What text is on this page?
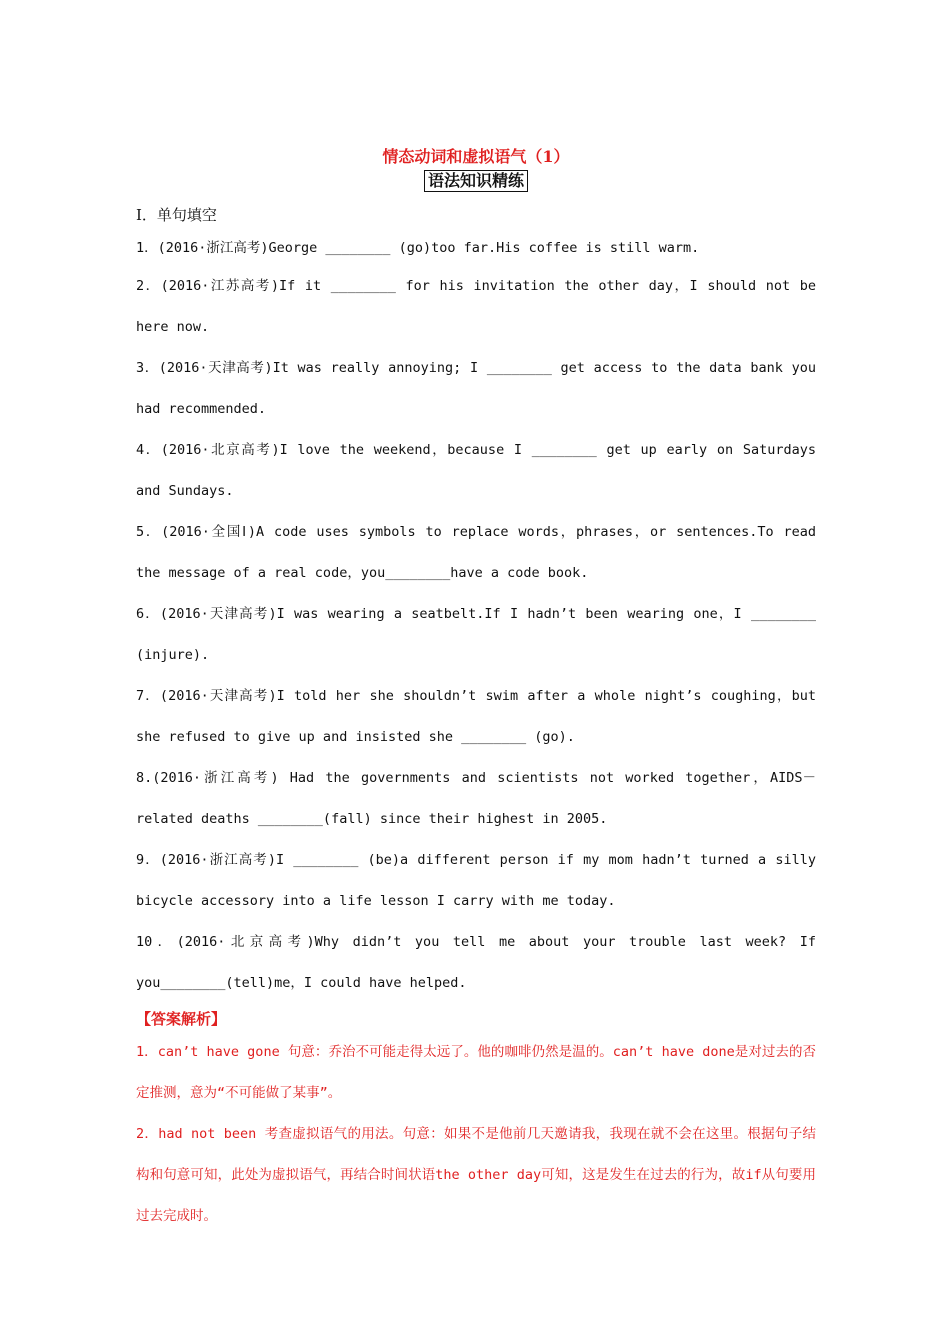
情态动词和虚拟语气（1）
语法知识精练
I．单句填空

1．(2016·浙江高考)George ________ (go)too far.His coffee is still warm.

2．(2016·江苏高考)If it ________ for his invitation the other day，I should not be here now.

3．(2016·天津高考)It was really annoying; I ________ get access to the data bank you had recommended.

4．(2016·北京高考)I love the weekend，because I ________ get up early on Saturdays and Sundays.

5．(2016·全国Ⅰ)A code uses symbols to replace words，phrases，or sentences.To read the message of a real code，you________have a code book.

6．(2016·天津高考)I was wearing a seatbelt.If I hadn’t been wearing one，I ________ (injure).

7．(2016·天津高考)I told her she shouldn’t swim after a whole night’s coughing，but she refused to give up and insisted she ________ (go).

8.(2016·浙江高考) Had the governments and scientists not worked together，AIDS－related deaths ________(fall) since their highest in 2005.

9．(2016·浙江高考)I ________ (be)a different person if my mom hadn’t turned a silly bicycle accessory into a life lesson I carry with me today.

10．(2016·北京高考)Why didn’t you tell me about your trouble last week? If you________(tell)me，I could have helped.

【答案解析】

1．can’t have gone 句意：乔治不可能走得太远了。他的咖啡仍然是温的。can’t have done是对过去的否定推测，意为“不可能做了某事”。

2．had not been 考查虚拟语气的用法。句意：如果不是他前几天邀请我，我现在就不会在这里。根据句子结构和句意可知，此处为虚拟语气，再结合时间状语the other day可知，这是发生在过去的行为，故if从句要用过去完成时。
